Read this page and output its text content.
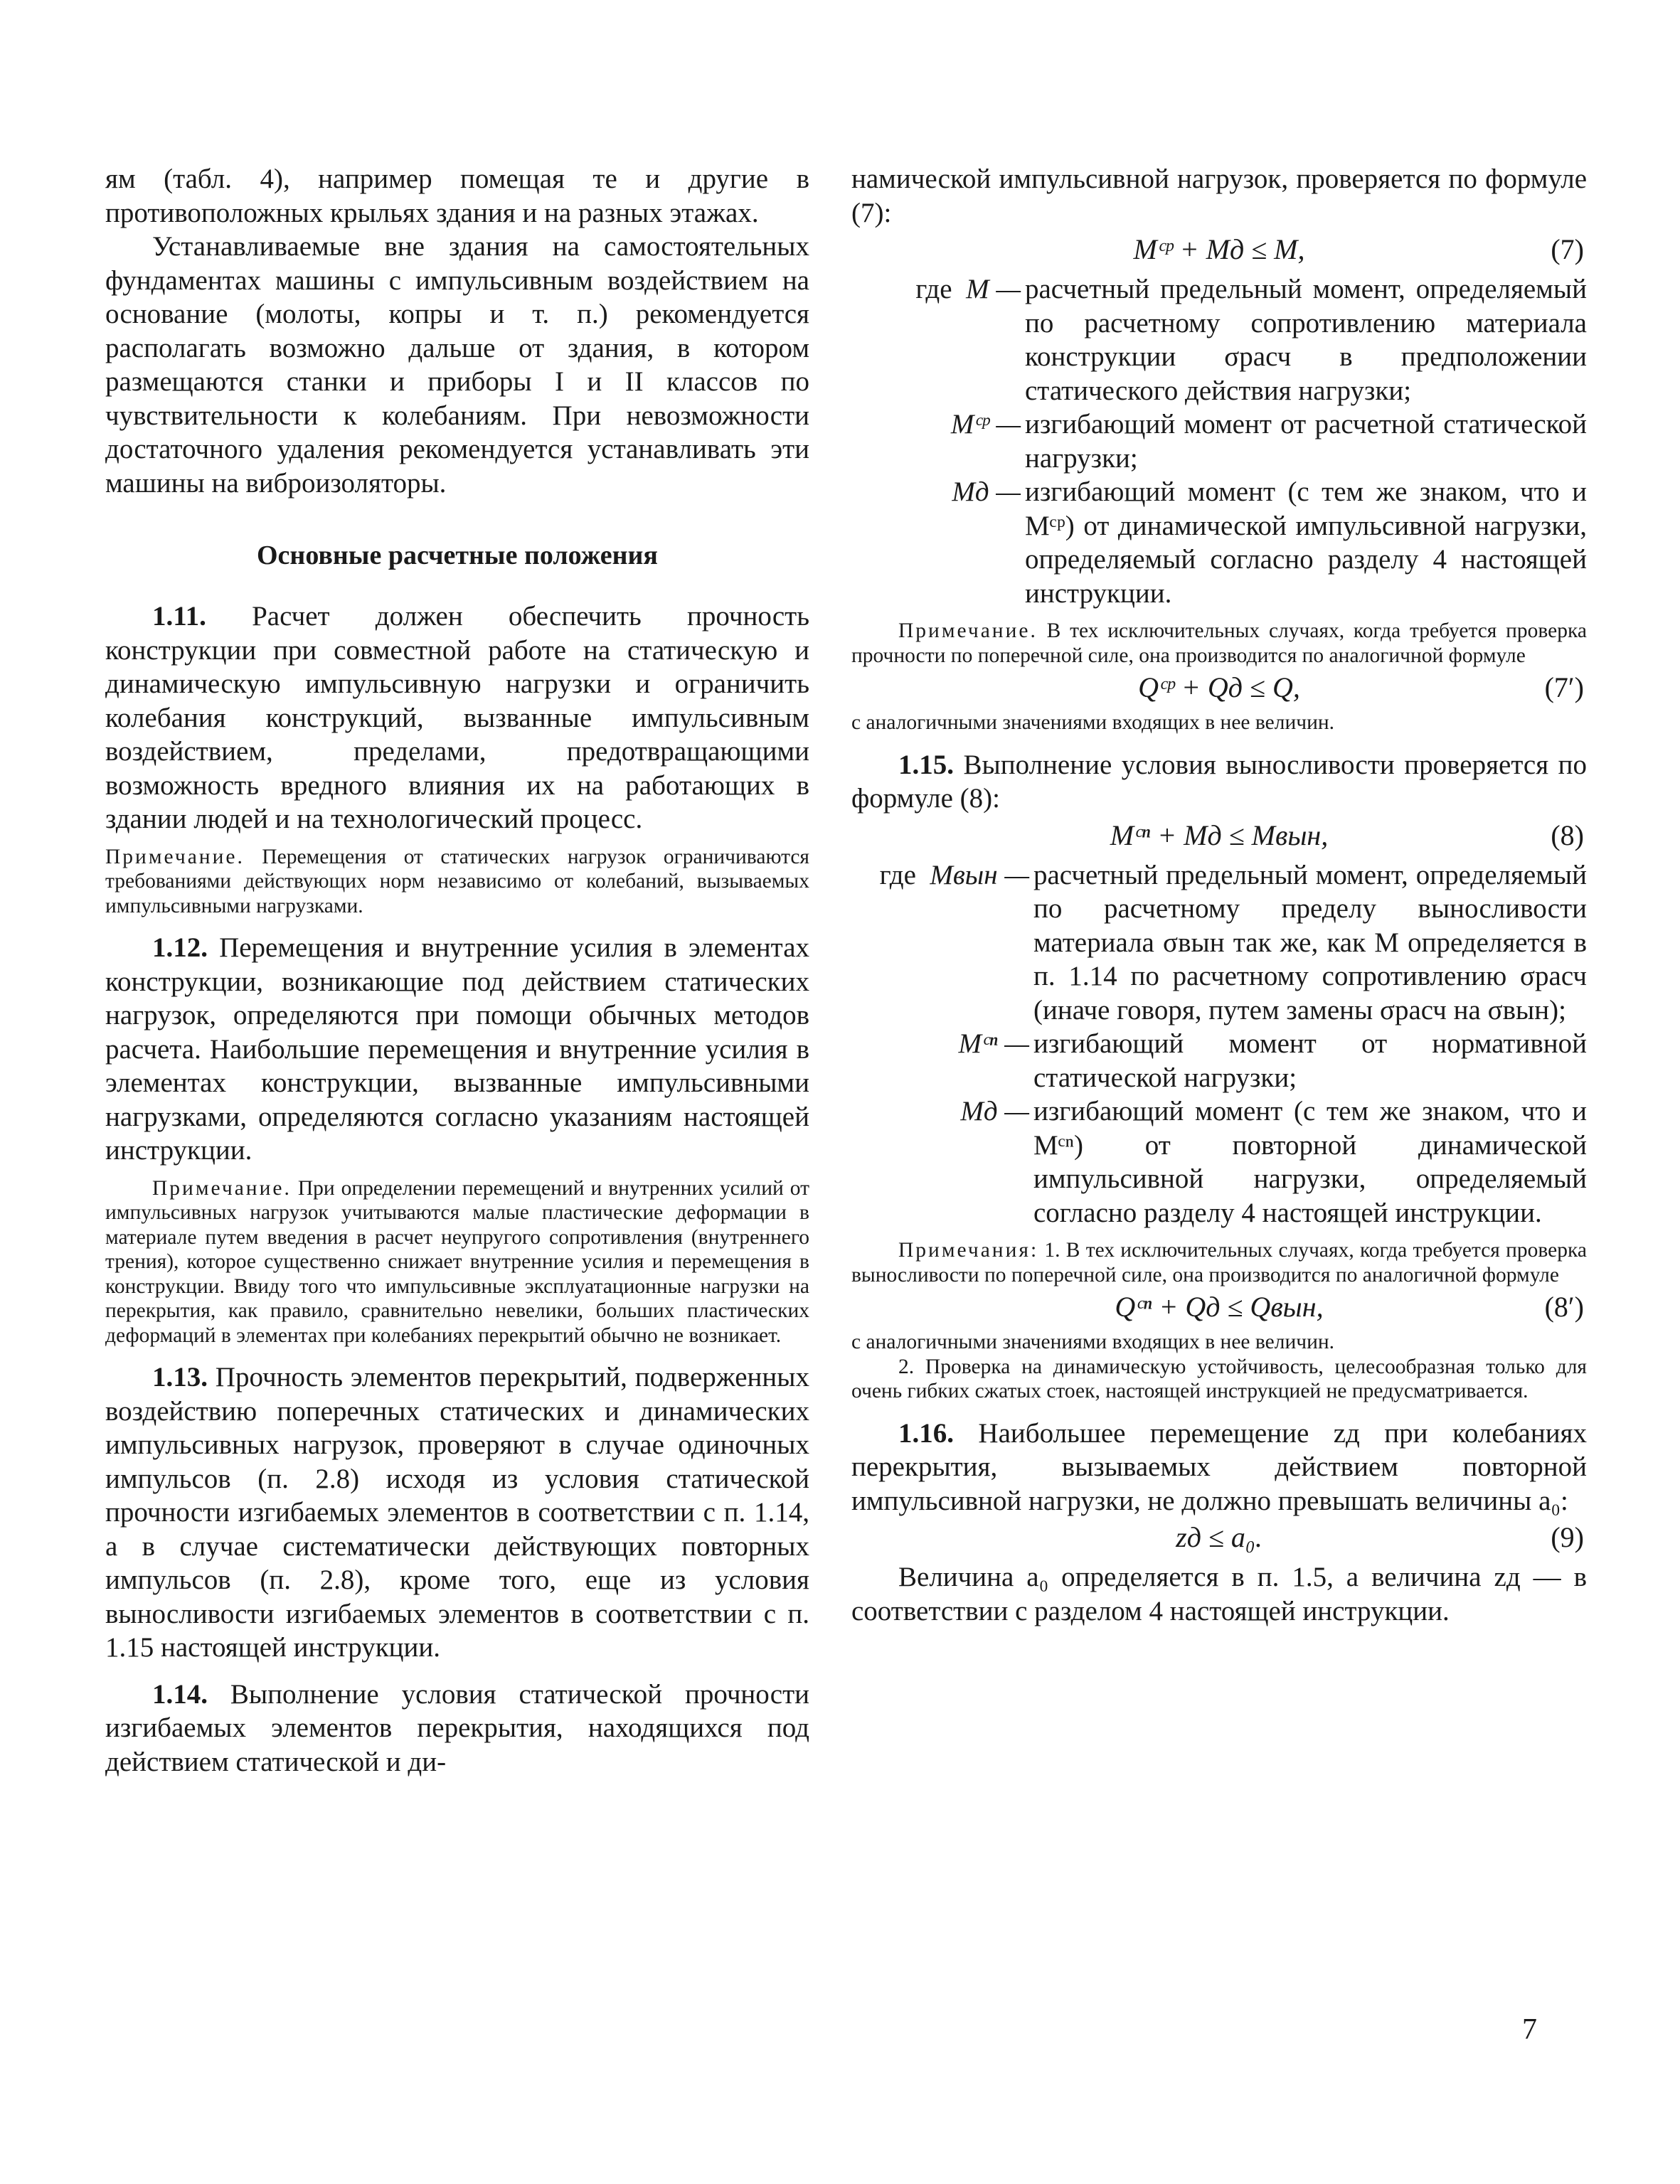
ям (табл. 4), например помещая те и другие в противоположных крыльях здания и на разных этажах.

Устанавливаемые вне здания на самостоятельных фундаментах машины с импульсивным воздействием на основание (молоты, копры и т. п.) рекомендуется располагать возможно дальше от здания, в котором размещаются станки и приборы I и II классов по чувствительности к колебаниям. При невозможности достаточного удаления рекомендуется устанавливать эти машины на виброизоляторы.

Основные расчетные положения

1.11. Расчет должен обеспечить прочность конструкции при совместной работе на статическую и динамическую импульсивную нагрузки и ограничить колебания конструкций, вызванные импульсивным воздействием, пределами, предотвращающими возможность вредного влияния их на работающих в здании людей и на технологический процесс.

Примечание. Перемещения от статических нагрузок ограничиваются требованиями действующих норм независимо от колебаний, вызываемых импульсивными нагрузками.

1.12. Перемещения и внутренние усилия в элементах конструкции, возникающие под действием статических нагрузок, определяются при помощи обычных методов расчета. Наибольшие перемещения и внутренние усилия в элементах конструкции, вызванные импульсивными нагрузками, определяются согласно указаниям настоящей инструкции.

Примечание. При определении перемещений и внутренних усилий от импульсивных нагрузок учитываются малые пластические деформации в материале путем введения в расчет неупругого сопротивления (внутреннего трения), которое существенно снижает внутренние усилия и перемещения в конструкции. Ввиду того что импульсивные эксплуатационные нагрузки на перекрытия, как правило, сравнительно невелики, больших пластических деформаций в элементах при колебаниях перекрытий обычно не возникает.

1.13. Прочность элементов перекрытий, подверженных воздействию поперечных статических и динамических импульсивных нагрузок, проверяют в случае одиночных импульсов (п. 2.8) исходя из условия статической прочности изгибаемых элементов в соответствии с п. 1.14, а в случае систематически действующих повторных импульсов (п. 2.8), кроме того, еще из условия выносливости изгибаемых элементов в соответствии с п. 1.15 настоящей инструкции.

1.14. Выполнение условия статической прочности изгибаемых элементов перекрытия, находящихся под действием статической и ди-

намической импульсивной нагрузок, проверяется по формуле (7):

Mᶜᵖ + Mд ≤ M,	(7)
где M — расчетный предельный момент, определяемый по расчетному сопротивлению материала конструкции σрасч в предположении статического действия нагрузки;
Mᶜᵖ — изгибающий момент от расчетной статической нагрузки;
Mд — изгибающий момент (с тем же знаком, что и Mᶜᵖ) от динамической импульсивной нагрузки, определяемый согласно разделу 4 настоящей инструкции.

Примечание. В тех исключительных случаях, когда требуется проверка прочности по поперечной силе, она производится по аналогичной формуле

Qᶜᵖ + Qд ≤ Q,	(7′)

с аналогичными значениями входящих в нее величин.

1.15. Выполнение условия выносливости проверяется по формуле (8):

Mᶜⁿ + Mд ≤ Mвын,	(8)
где Mвын — расчетный предельный момент, определяемый по расчетному пределу выносливости материала σвын так же, как M определяется в п. 1.14 по расчетному сопротивлению σрасч (иначе говоря, путем замены σрасч на σвын);
Mᶜⁿ — изгибающий момент от нормативной статической нагрузки;
Mд — изгибающий момент (с тем же знаком, что и Mᶜⁿ) от повторной динамической импульсивной нагрузки, определяемый согласно разделу 4 настоящей инструкции.

Примечания: 1. В тех исключительных случаях, когда требуется проверка выносливости по поперечной силе, она производится по аналогичной формуле

Qᶜⁿ + Qд ≤ Qвын,	(8′)

с аналогичными значениями входящих в нее величин.

2. Проверка на динамическую устойчивость, целесообразная только для очень гибких сжатых стоек, настоящей инструкцией не предусматривается.

1.16. Наибольшее перемещение zд при колебаниях перекрытия, вызываемых действием повторной импульсивной нагрузки, не должно превышать величины a₀:

zд ≤ a₀.	(9)

Величина a₀ определяется в п. 1.5, а величина zд — в соответствии с разделом 4 настоящей инструкции.

7
